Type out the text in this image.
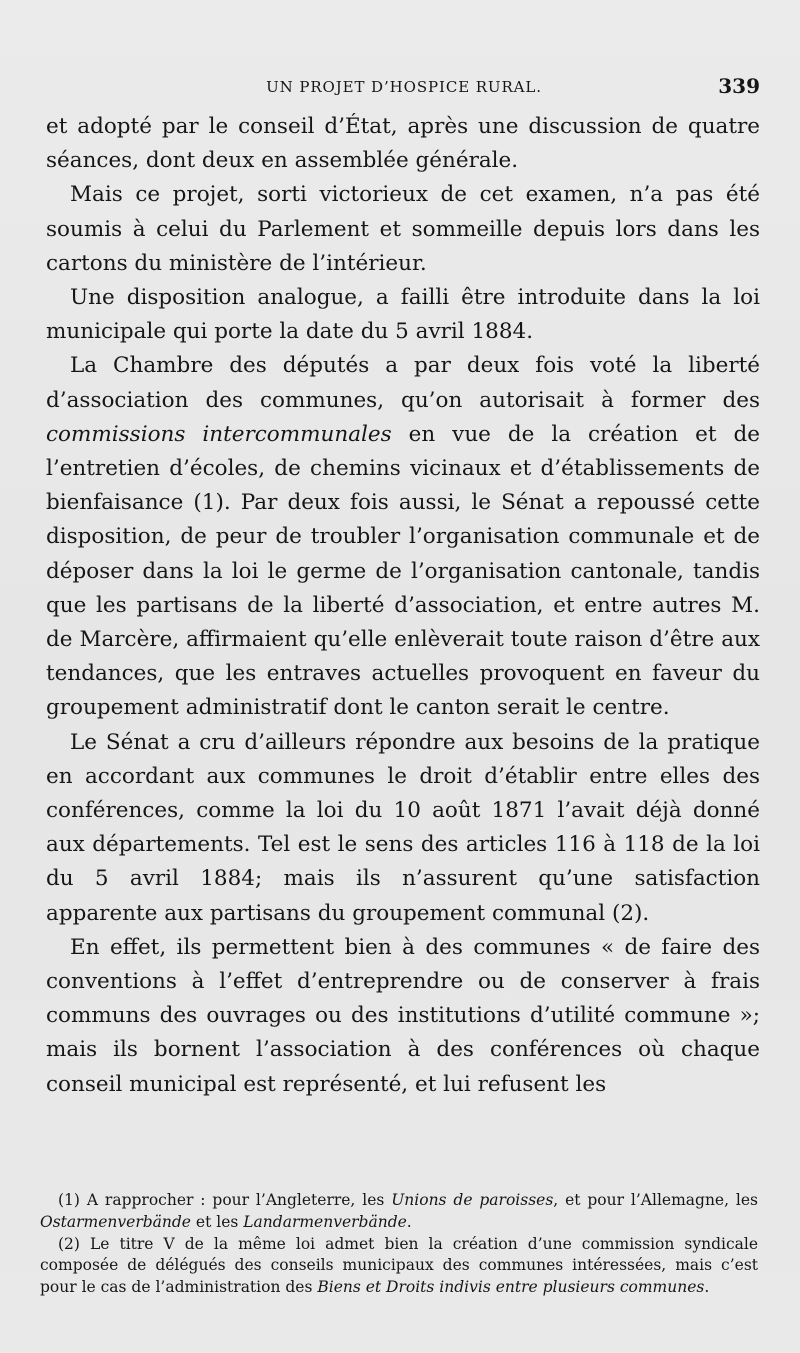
UN PROJET D’HOSPICE RURAL.	339

et adopté par le conseil d’État, après une discussion de quatre séances, dont deux en assemblée générale.

Mais ce projet, sorti victorieux de cet examen, n’a pas été soumis à celui du Parlement et sommeille depuis lors dans les cartons du ministère de l’intérieur.

Une disposition analogue, a failli être introduite dans la loi municipale qui porte la date du 5 avril 1884.

La Chambre des députés a par deux fois voté la liberté d’association des communes, qu’on autorisait à former des commissions intercommunales en vue de la création et de l’entretien d’écoles, de chemins vicinaux et d’établissements de bienfaisance (1). Par deux fois aussi, le Sénat a repoussé cette disposition, de peur de troubler l’organisation communale et de déposer dans la loi le germe de l’organisation cantonale, tandis que les partisans de la liberté d’association, et entre autres M. de Marcère, affirmaient qu’elle enlèverait toute raison d’être aux tendances, que les entraves actuelles provoquent en faveur du groupement administratif dont le canton serait le centre.

Le Sénat a cru d’ailleurs répondre aux besoins de la pratique en accordant aux communes le droit d’établir entre elles des conférences, comme la loi du 10 août 1871 l’avait déjà donné aux départements. Tel est le sens des articles 116 à 118 de la loi du 5 avril 1884; mais ils n’assurent qu’une satisfaction apparente aux partisans du groupement communal (2).

En effet, ils permettent bien à des communes « de faire des conventions à l’effet d’entreprendre ou de conserver à frais communs des ouvrages ou des institutions d’utilité commune »; mais ils bornent l’association à des conférences où chaque conseil municipal est représenté, et lui refusent les

(1) A rapprocher : pour l’Angleterre, les Unions de paroisses, et pour l’Allemagne, les Ostarmenverbände et les Landarmenverbände.

(2) Le titre V de la même loi admet bien la création d’une commission syndicale composée de délégués des conseils municipaux des communes intéressées, mais c’est pour le cas de l’administration des Biens et Droits indivis entre plusieurs communes.
